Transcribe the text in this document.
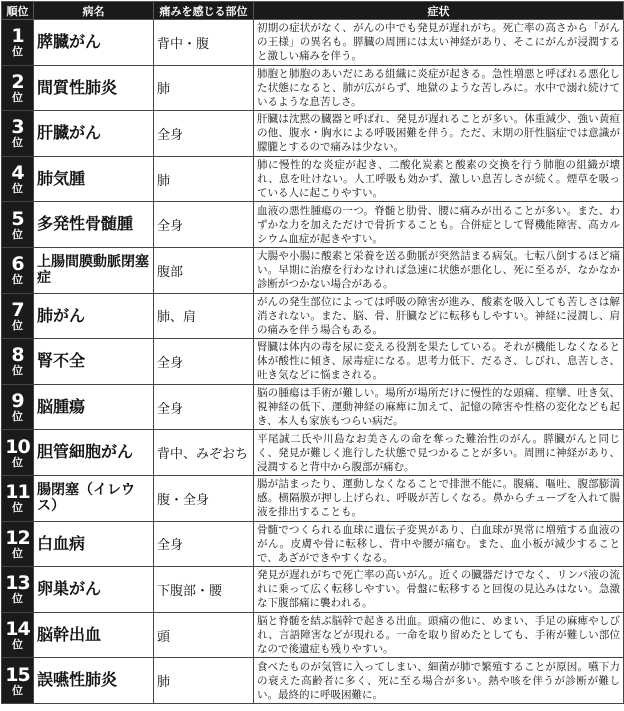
順位	病名	痛みを感じる部位	症状

1
位	膵臓がん	背中・腹	初期の症状がなく、がんの中でも発見が遅れがち。死亡率の高さから「がんの王様」の異名も。膵臓の周囲には太い神経があり、そこにがんが浸潤すると激しい痛みを伴う。

2
位	間質性肺炎	肺	肺胞と肺胞のあいだにある組織に炎症が起きる。急性増悪と呼ばれる悪化した状態になると、肺が広がらず、地獄のような苦しみに。水中で溺れ続けているような息苦しさ。

3
位	肝臓がん	全身	肝臓は沈黙の臓器と呼ばれ、発見が遅れることが多い。体重減少、強い黄疸の他、腹水・胸水による呼吸困難を伴う。ただ、末期の肝性脳症では意識が朦朧とするので痛みは少ない。

4
位	肺気腫	肺	肺に慢性的な炎症が起き、二酸化炭素と酸素の交換を行う肺胞の組織が壊れ、息を吐けない。人工呼吸も効かず、激しい息苦しさが続く。煙草を吸っている人に起こりやすい。

5
位	多発性骨髄腫	全身	血液の悪性腫瘍の一つ。脊髄と肋骨、腰に痛みが出ることが多い。また、わずかな力を加えただけで骨折することも。合併症として腎機能障害、高カルシウム血症が起きやすい。

6
位	上腸間膜動脈閉塞症	腹部	大腸や小腸に酸素と栄養を送る動脈が突然詰まる病気。七転八倒するほど痛い。早期に治療を行わなければ急速に状態が悪化し、死に至るが、なかなか診断がつかない場合がある。

7
位	肺がん	肺、肩	がんの発生部位によっては呼吸の障害が進み、酸素を吸入しても苦しさは解消されない。また、脳、骨、肝臓などに転移もしやすい。神経に浸潤し、肩の痛みを伴う場合もある。

8
位	腎不全	全身	腎臓は体内の毒を尿に変える役割を果たしている。それが機能しなくなると体が酸性に傾き、尿毒症になる。思考力低下、だるさ、しびれ、息苦しさ、吐き気などに悩まされる。

9
位	脳腫瘍	全身	脳の腫瘍は手術が難しい。場所が場所だけに慢性的な頭痛、痙攣、吐き気、視神経の低下、運動神経の麻痺に加えて、記憶の障害や性格の変化なども起き、本人も家族もつらい病だ。

10
位	胆管細胞がん	背中、みぞおち	平尾誠二氏や川島なお美さんの命を奪った難治性のがん。膵臓がんと同じく、発見が難しく進行した状態で見つかることが多い。周囲に神経があり、浸潤すると背中から腹部が痛む。

11
位	腸閉塞（イレウス）	腹・全身	腸が詰まったり、運動しなくなることで排泄不能に。腹痛、嘔吐、腹部膨満感。横隔膜が押し上げられ、呼吸が苦しくなる。鼻からチューブを入れて腸液を排出することも。

12
位	白血病	全身	骨髄でつくられる血球に遺伝子変異があり、白血球が異常に増殖する血液のがん。皮膚や骨に転移し、背中や腰が痛む。また、血小板が減少することで、あざができやすくなる。

13
位	卵巣がん	下腹部・腰	発見が遅れがちで死亡率の高いがん。近くの臓器だけでなく、リンパ液の流れに乗って広く転移しやすい。骨盤に転移すると回復の見込みはない。急激な下腹部痛に襲われる。

14
位	脳幹出血	頭	脳と脊髄を結ぶ脳幹で起きる出血。頭痛の他に、めまい、手足の麻痺やしびれ、言語障害などが現れる。一命を取り留めたとしても、手術が難しい部位なので後遺症も残りやすい。

15
位	誤嚥性肺炎	肺	食べたものが気管に入ってしまい、細菌が肺で繁殖することが原因。嚥下力の衰えた高齢者に多く、死に至る場合が多い。熱や咳を伴うが診断が難しい。最終的に呼吸困難に。
